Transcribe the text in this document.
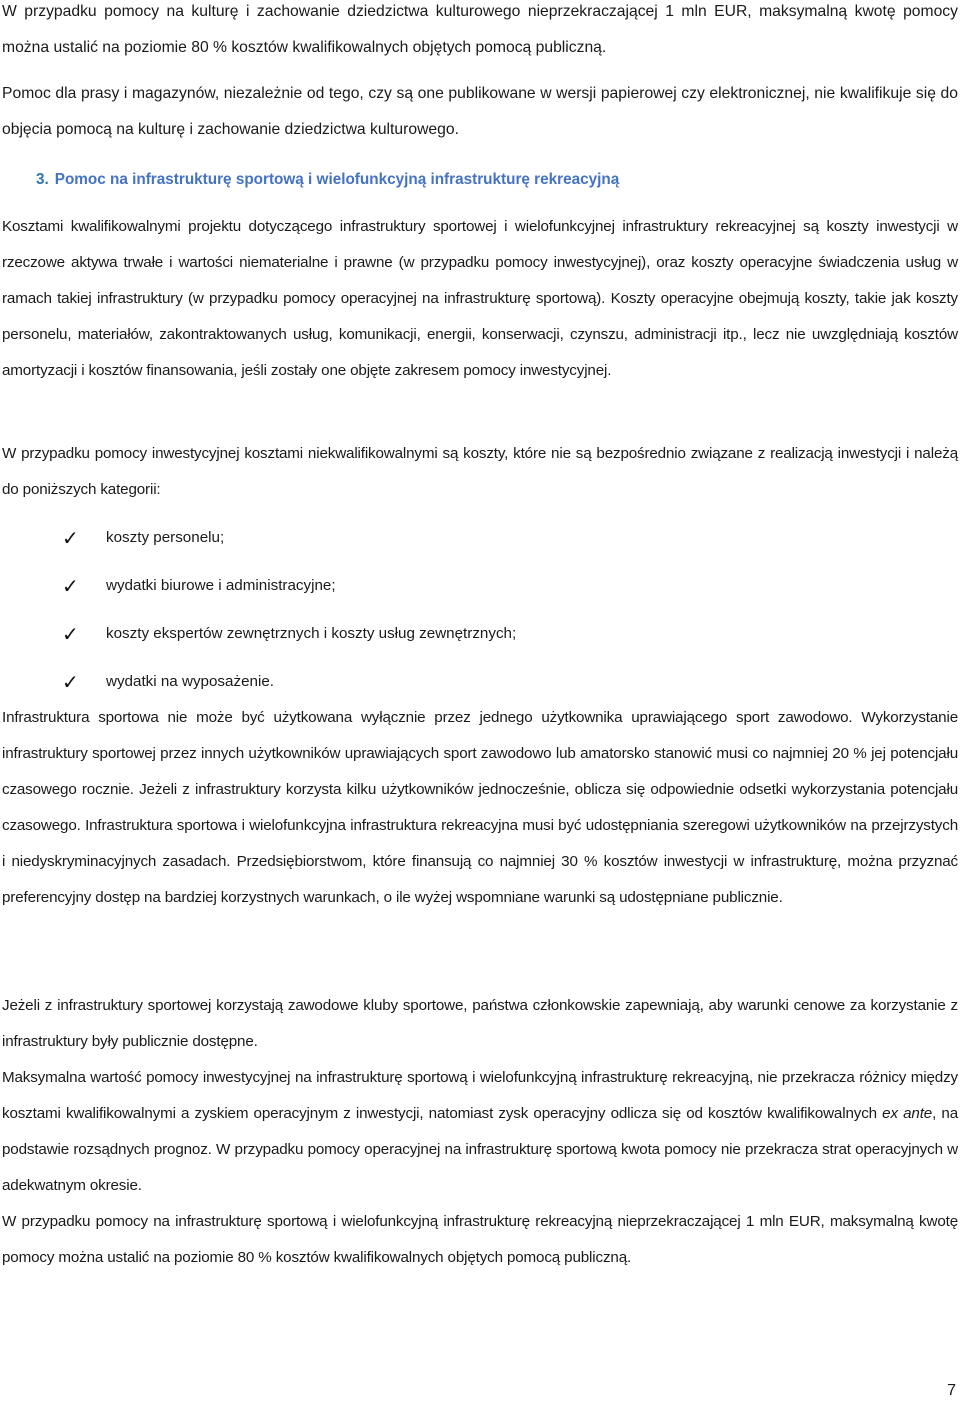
W przypadku pomocy na kulturę i zachowanie dziedzictwa kulturowego nieprzekraczającej 1 mln EUR, maksymalną kwotę pomocy można ustalić na poziomie 80 % kosztów kwalifikowalnych objętych pomocą publiczną.

Pomoc dla prasy i magazynów, niezależnie od tego, czy są one publikowane w wersji papierowej czy elektronicznej, nie kwalifikuje się do objęcia pomocą na kulturę i zachowanie dziedzictwa kulturowego.

3. Pomoc na infrastrukturę sportową i wielofunkcyjną infrastrukturę rekreacyjną

Kosztami kwalifikowalnymi projektu dotyczącego infrastruktury sportowej i wielofunkcyjnej infrastruktury rekreacyjnej są koszty inwestycji w rzeczowe aktywa trwałe i wartości niematerialne i prawne (w przypadku pomocy inwestycyjnej), oraz koszty operacyjne świadczenia usług w ramach takiej infrastruktury (w przypadku pomocy operacyjnej na infrastrukturę sportową). Koszty operacyjne obejmują koszty, takie jak koszty personelu, materiałów, zakontraktowanych usług, komunikacji, energii, konserwacji, czynszu, administracji itp., lecz nie uwzględniają kosztów amortyzacji i kosztów finansowania, jeśli zostały one objęte zakresem pomocy inwestycyjnej.

W przypadku pomocy inwestycyjnej kosztami niekwalifikowalnymi są koszty, które nie są bezpośrednio związane z realizacją inwestycji i należą do poniższych kategorii:

✓ koszty personelu;
✓ wydatki biurowe i administracyjne;
✓ koszty ekspertów zewnętrznych i koszty usług zewnętrznych;
✓ wydatki na wyposażenie.

Infrastruktura sportowa nie może być użytkowana wyłącznie przez jednego użytkownika uprawiającego sport zawodowo. Wykorzystanie infrastruktury sportowej przez innych użytkowników uprawiających sport zawodowo lub amatorsko stanowić musi co najmniej 20 % jej potencjału czasowego rocznie. Jeżeli z infrastruktury korzysta kilku użytkowników jednocześnie, oblicza się odpowiednie odsetki wykorzystania potencjału czasowego. Infrastruktura sportowa i wielofunkcyjna infrastruktura rekreacyjna musi być udostępniania szeregowi użytkowników na przejrzystych i niedyskryminacyjnych zasadach. Przedsiębiorstwom, które finansują co najmniej 30 % kosztów inwestycji w infrastrukturę, można przyznać preferencyjny dostęp na bardziej korzystnych warunkach, o ile wyżej wspomniane warunki są udostępniane publicznie.

Jeżeli z infrastruktury sportowej korzystają zawodowe kluby sportowe, państwa członkowskie zapewniają, aby warunki cenowe za korzystanie z infrastruktury były publicznie dostępne.

Maksymalna wartość pomocy inwestycyjnej na infrastrukturę sportową i wielofunkcyjną infrastrukturę rekreacyjną, nie przekracza różnicy między kosztami kwalifikowalnymi a zyskiem operacyjnym z inwestycji, natomiast zysk operacyjny odlicza się od kosztów kwalifikowalnych ex ante, na podstawie rozsądnych prognoz. W przypadku pomocy operacyjnej na infrastrukturę sportową kwota pomocy nie przekracza strat operacyjnych w adekwatnym okresie.

W przypadku pomocy na infrastrukturę sportową i wielofunkcyjną infrastrukturę rekreacyjną nieprzekraczającej 1 mln EUR, maksymalną kwotę pomocy można ustalić na poziomie 80 % kosztów kwalifikowalnych objętych pomocą publiczną.

7
